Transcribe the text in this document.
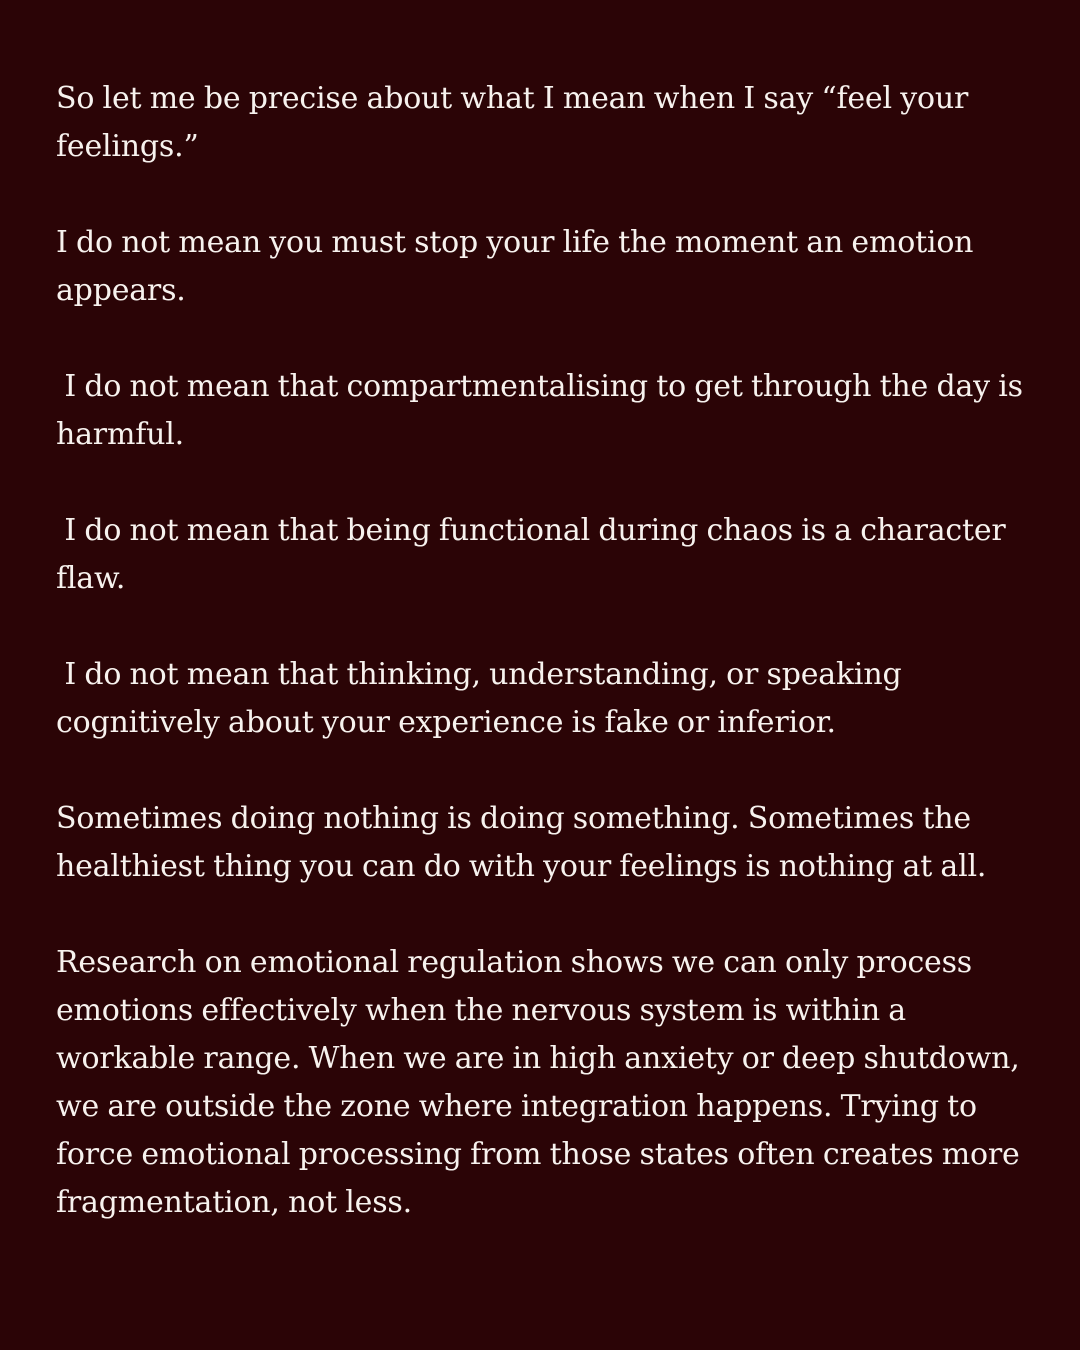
So let me be precise about what I mean when I say “feel your feelings.”

I do not mean you must stop your life the moment an emotion appears.

I do not mean that compartmentalising to get through the day is harmful.

I do not mean that being functional during chaos is a character flaw.

I do not mean that thinking, understanding, or speaking cognitively about your experience is fake or inferior.

Sometimes doing nothing is doing something. Sometimes the healthiest thing you can do with your feelings is nothing at all.

Research on emotional regulation shows we can only process emotions effectively when the nervous system is within a workable range. When we are in high anxiety or deep shutdown, we are outside the zone where integration happens. Trying to force emotional processing from those states often creates more fragmentation, not less.
